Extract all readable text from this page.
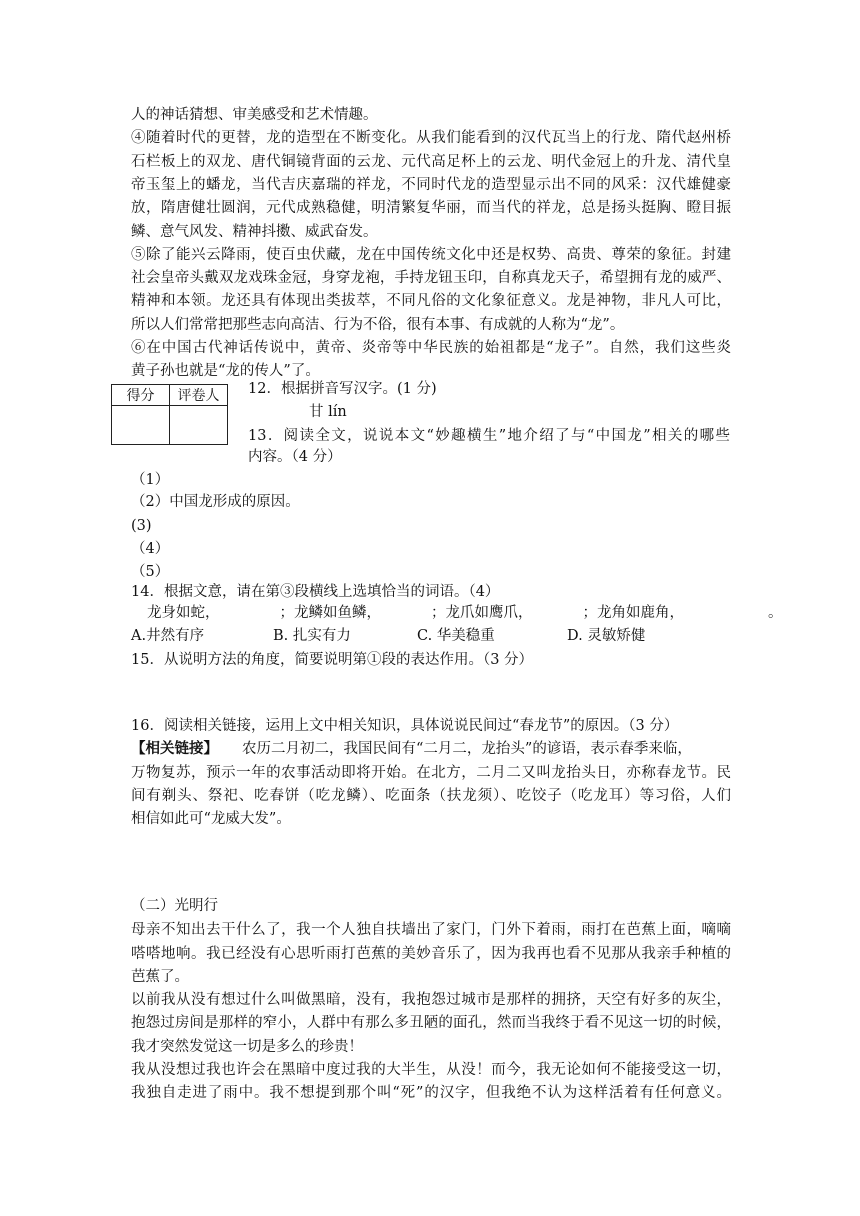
人的神话猜想、审美感受和艺术情趣。
④随着时代的更替，龙的造型在不断变化。从我们能看到的汉代瓦当上的行龙、隋代赵州桥
石栏板上的双龙、唐代铜镜背面的云龙、元代高足杯上的云龙、明代金冠上的升龙、清代皇
帝玉玺上的蟠龙，当代吉庆嘉瑞的祥龙，不同时代龙的造型显示出不同的风采：汉代雄健豪
放，隋唐健壮圆润，元代成熟稳健，明清繁复华丽，而当代的祥龙，总是扬头挺胸、瞪目振
鳞、意气风发、精神抖擞、威武奋发。
⑤除了能兴云降雨，使百虫伏藏，龙在中国传统文化中还是权势、高贵、尊荣的象征。封建
社会皇帝头戴双龙戏珠金冠，身穿龙袍，手持龙钮玉印，自称真龙天子，希望拥有龙的威严、
精神和本领。龙还具有体现出类拔萃，不同凡俗的文化象征意义。龙是神物，非凡人可比，
所以人们常常把那些志向高洁、行为不俗，很有本事、有成就的人称为“龙”。
⑥在中国古代神话传说中，黄帝、炎帝等中华民族的始祖都是“龙子”。自然，我们这些炎
黄子孙也就是“龙的传人”了。
得分	评卷人
	12．根据拼音写汉字。(1 分)
甘 lín
13．阅读全文，说说本文“妙趣横生”地介绍了与“中国龙”相关的哪些
内容。（4 分）
（1）
（2）中国龙形成的原因。
(3)
（4）
（5）
14．根据文意，请在第③段横线上选填恰当的词语。（4）
龙身如蛇，	；龙鳞如鱼鳞，	；龙爪如鹰爪，	；龙角如鹿角，	。
A.井然有序	B. 扎实有力	C. 华美稳重	D. 灵敏矫健
15．从说明方法的角度，简要说明第①段的表达作用。（3 分）
16．阅读相关链接，运用上文中相关知识，具体说说民间过“春龙节”的原因。（3 分）
【相关链接】 农历二月初二，我国民间有“二月二，龙抬头”的谚语，表示春季来临，
万物复苏，预示一年的农事活动即将开始。在北方，二月二又叫龙抬头日，亦称春龙节。民
间有剃头、祭祀、吃春饼（吃龙鳞）、吃面条（扶龙须）、吃饺子（吃龙耳）等习俗，人们
相信如此可“龙威大发”。
（二）光明行
母亲不知出去干什么了，我一个人独自扶墙出了家门，门外下着雨，雨打在芭蕉上面，嘀嘀
嗒嗒地响。我已经没有心思听雨打芭蕉的美妙音乐了，因为我再也看不见那从我亲手种植的
芭蕉了。
以前我从没有想过什么叫做黑暗，没有，我抱怨过城市是那样的拥挤，天空有好多的灰尘，
抱怨过房间是那样的窄小，人群中有那么多丑陋的面孔，然而当我终于看不见这一切的时候，
我才突然发觉这一切是多么的珍贵！
我从没想过我也许会在黑暗中度过我的大半生，从没！而今，我无论如何不能接受这一切，
我独自走进了雨中。我不想提到那个叫“死”的汉字，但我绝不认为这样活着有任何意义。
